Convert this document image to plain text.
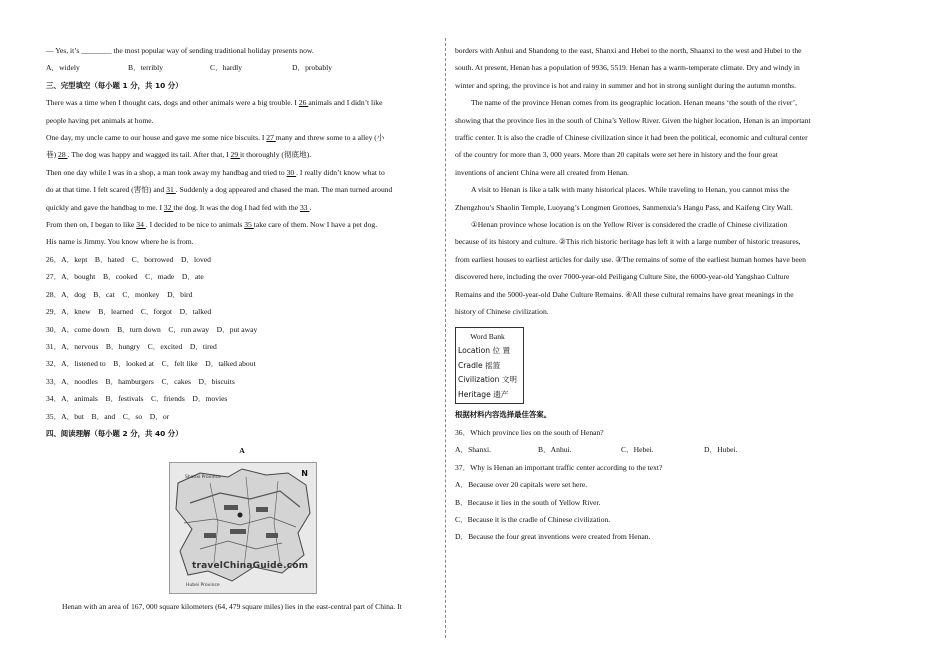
— Yes, it’s ________ the most popular way of sending traditional holiday presents now.

A．widely	B．terribly	C．hardly	D．probably

三、完型填空（每小题 1 分，共 10 分）

There was a time when I thought cats, dogs and other animals were a big trouble. I 26 animals and I didn’t like

people having pet animals at home.

One day, my uncle came to our house and gave me some nice biscuits. I 27 many and threw some to a alley (小

巷) 28 . The dog was happy and wagged its tail. After that, I 29 it thoroughly (彻底地).

Then one day while I was in a shop, a man took away my handbag and tried to 30 . I really didn’t know what to

do at that time. I felt scared (害怕) and 31 . Suddenly a dog appeared and chased the man. The man turned around

quickly and gave the handbag to me. I 32 the dog. It was the dog I had fed with the 33 .

From then on, I began to like 34 . I decided to be nice to animals 35 take care of them. Now I have a pet dog.

His name is Jimmy. You know where he is from.

26．A．kept　B．hated　C．borrowed　D．loved

27．A．bought　B．cooked　C．made　D．ate

28．A．dog　B．cat　C．monkey　D．bird

29．A．knew　B．learned　C．forgot　D．talked

30．A．come down　B．turn down　C．run away　D．put away

31．A．nervous　B．hungry　C．excited　D．tired

32．A．listened to　B．looked at　C．felt like　D．talked about

33．A．noodles　B．hamburgers　C．cakes　D．biscuits

34．A．animals　B．festivals　C．friends　D．movies

35．A．but　B．and　C．so　D．or

四、阅读理解（每小题 2 分，共 40 分）

A

Shanxi Province	N
travelChinaGuide.com
Hubei Province

Henan with an area of 167, 000 square kilometers (64, 479 square miles) lies in the east-central part of China. It

borders with Anhui and Shandong to the east, Shanxi and Hebei to the north, Shaanxi to the west and Hubei to the

south. At present, Henan has a population of 9936, 5519. Henan has a warm-temperate climate. Dry and windy in

winter and spring, the province is hot and rainy in summer and hot in strong sunlight during the autumn months.

The name of the province Henan comes from its geographic location. Henan means ‘the south of the river’,

showing that the province lies in the south of China’s Yellow River. Given the higher location, Henan is an important

traffic center. It is also the cradle of Chinese civilization since it had been the political, economic and cultural center

of the country for more than 3, 000 years. More than 20 capitals were set here in history and the four great

inventions of ancient China were all created from Henan.

A visit to Henan is like a talk with many historical places. While traveling to Henan, you cannot miss the

Zhengzhou’s Shaolin Temple, Luoyang’s Longmen Grottoes, Sanmenxia’s Hangu Pass, and Kaifeng City Wall.

①Henan province whose location is on the Yellow River is considered the cradle of Chinese civilization

because of its history and culture. ②This rich historic heritage has left it with a large number of historic treasures,

from earliest houses to earliest articles for daily use. ③The remains of some of the earliest human homes have been

discovered here, including the over 7000-year-old Peiligang Culture Site, the 6000-year-old Yangshao Culture

Remains and the 5000-year-old Dahe Culture Remains. ④All these cultural remains have great meanings in the

history of Chinese civilization.

Word Bank
Location 位 置
Cradle 摇篮
Civilization 文明
Heritage 遗产

根据材料内容选择最佳答案。

36．Which province lies on the south of Henan?

A．Shanxi.	B．Anhui.	C．Hebei.	D．Hubei.

37．Why is Henan an important traffic center according to the text?

A．Because over 20 capitals were set here.

B．Because it lies in the south of Yellow River.

C．Because it is the cradle of Chinese civilization.

D．Because the four great inventions were created from Henan.
